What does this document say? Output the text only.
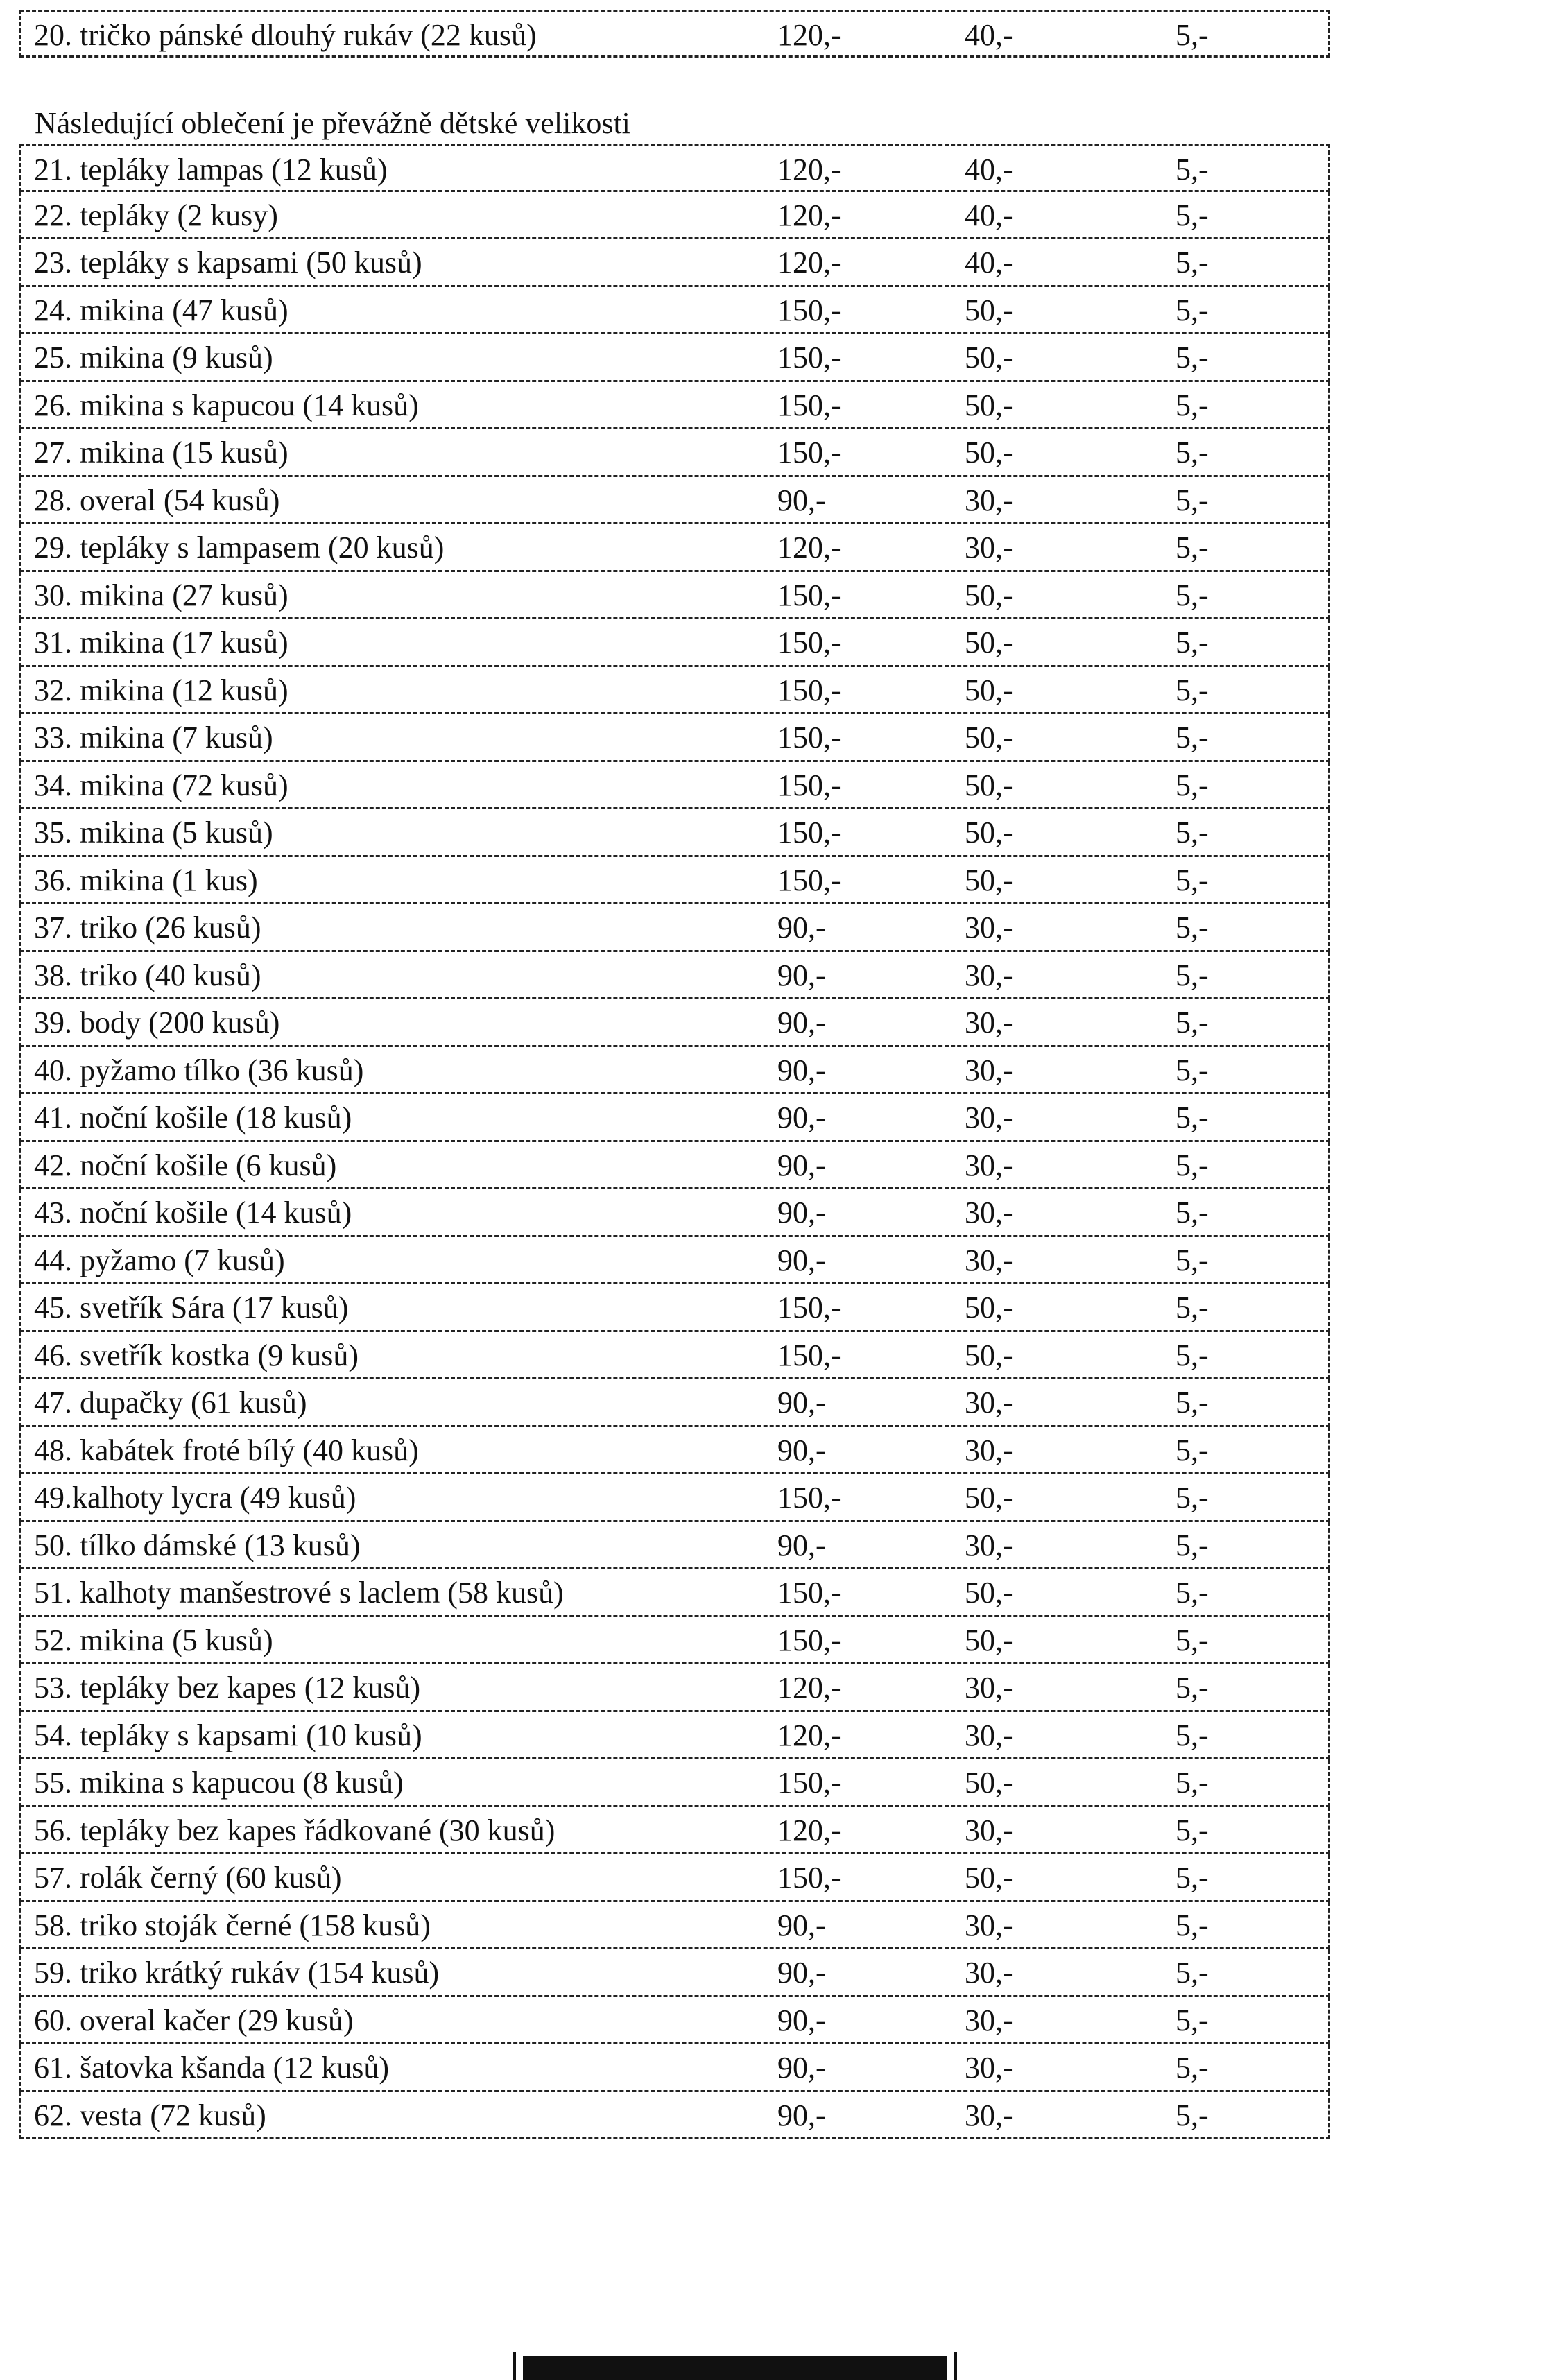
20. tričko pánské dlouhý rukáv (22 kusů)	120,-	40,-	5,-
Následující oblečení je převážně dětské velikosti
21. tepláky lampas (12 kusů)	120,-	40,-	5,-
22. tepláky (2 kusy)	120,-	40,-	5,-
23. tepláky s kapsami (50 kusů)	120,-	40,-	5,-
24. mikina (47 kusů)	150,-	50,-	5,-
25. mikina (9 kusů)	150,-	50,-	5,-
26. mikina s kapucou (14 kusů)	150,-	50,-	5,-
27. mikina (15 kusů)	150,-	50,-	5,-
28. overal (54 kusů)	90,-	30,-	5,-
29. tepláky s lampasem (20 kusů)	120,-	30,-	5,-
30. mikina (27 kusů)	150,-	50,-	5,-
31. mikina (17 kusů)	150,-	50,-	5,-
32. mikina (12 kusů)	150,-	50,-	5,-
33. mikina (7 kusů)	150,-	50,-	5,-
34. mikina (72 kusů)	150,-	50,-	5,-
35. mikina (5 kusů)	150,-	50,-	5,-
36. mikina (1 kus)	150,-	50,-	5,-
37. triko (26 kusů)	90,-	30,-	5,-
38. triko (40 kusů)	90,-	30,-	5,-
39. body (200 kusů)	90,-	30,-	5,-
40. pyžamo tílko (36 kusů)	90,-	30,-	5,-
41. noční košile (18 kusů)	90,-	30,-	5,-
42. noční košile (6 kusů)	90,-	30,-	5,-
43. noční košile (14 kusů)	90,-	30,-	5,-
44. pyžamo (7 kusů)	90,-	30,-	5,-
45. svetřík Sára (17 kusů)	150,-	50,-	5,-
46. svetřík kostka (9 kusů)	150,-	50,-	5,-
47. dupačky (61 kusů)	90,-	30,-	5,-
48. kabátek froté bílý (40 kusů)	90,-	30,-	5,-
49.kalhoty lycra (49 kusů)	150,-	50,-	5,-
50. tílko dámské (13 kusů)	90,-	30,-	5,-
51. kalhoty manšestrové s laclem (58 kusů)	150,-	50,-	5,-
52. mikina (5 kusů)	150,-	50,-	5,-
53. tepláky bez kapes (12 kusů)	120,-	30,-	5,-
54. tepláky s kapsami (10 kusů)	120,-	30,-	5,-
55. mikina s kapucou (8 kusů)	150,-	50,-	5,-
56. tepláky bez kapes řádkované (30 kusů)	120,-	30,-	5,-
57. rolák černý (60 kusů)	150,-	50,-	5,-
58. triko stoják černé (158 kusů)	90,-	30,-	5,-
59. triko krátký rukáv (154 kusů)	90,-	30,-	5,-
60. overal kačer (29 kusů)	90,-	30,-	5,-
61. šatovka kšanda (12 kusů)	90,-	30,-	5,-
62. vesta (72 kusů)	90,-	30,-	5,-
